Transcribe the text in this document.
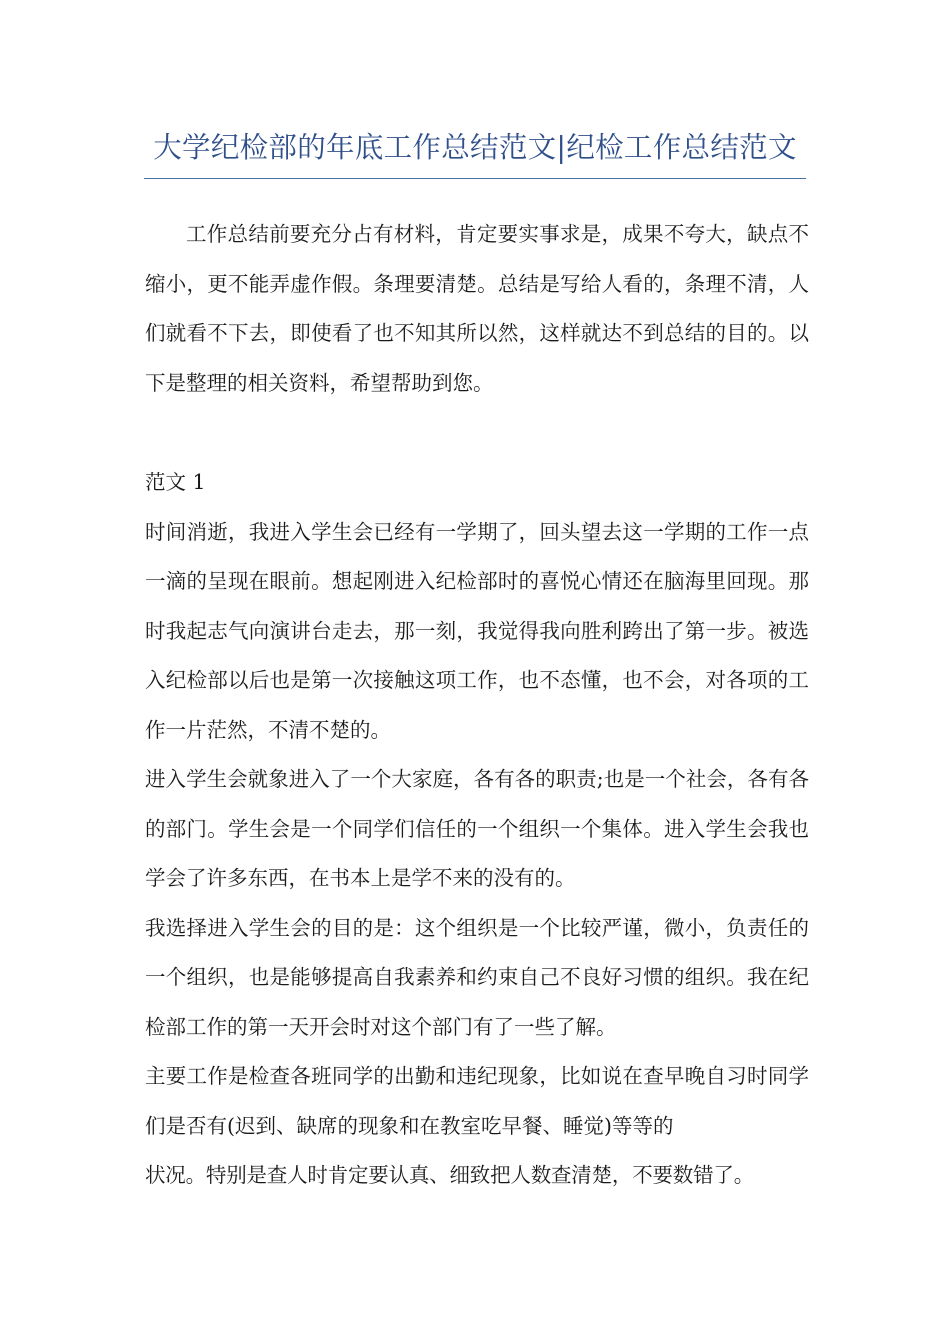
大学纪检部的年底工作总结范文|纪检工作总结范文

工作总结前要充分占有材料，肯定要实事求是，成果不夸大，缺点不缩小，更不能弄虚作假。条理要清楚。总结是写给人看的，条理不清，人们就看不下去，即使看了也不知其所以然，这样就达不到总结的目的。以下是整理的相关资料，希望帮助到您。

范文 1

时间消逝，我进入学生会已经有一学期了，回头望去这一学期的工作一点一滴的呈现在眼前。想起刚进入纪检部时的喜悦心情还在脑海里回现。那时我起志气向演讲台走去，那一刻，我觉得我向胜利跨出了第一步。被选入纪检部以后也是第一次接触这项工作，也不态懂，也不会，对各项的工作一片茫然，不清不楚的。

进入学生会就象进入了一个大家庭，各有各的职责;也是一个社会，各有各的部门。学生会是一个同学们信任的一个组织一个集体。进入学生会我也学会了许多东西，在书本上是学不来的没有的。

我选择进入学生会的目的是：这个组织是一个比较严谨，微小，负责任的一个组织，也是能够提高自我素养和约束自己不良好习惯的组织。我在纪检部工作的第一天开会时对这个部门有了一些了解。

主要工作是检查各班同学的出勤和违纪现象，比如说在查早晚自习时同学们是否有(迟到、缺席的现象和在教室吃早餐、睡觉)等等的

状况。特别是查人时肯定要认真、细致把人数查清楚，不要数错了。
